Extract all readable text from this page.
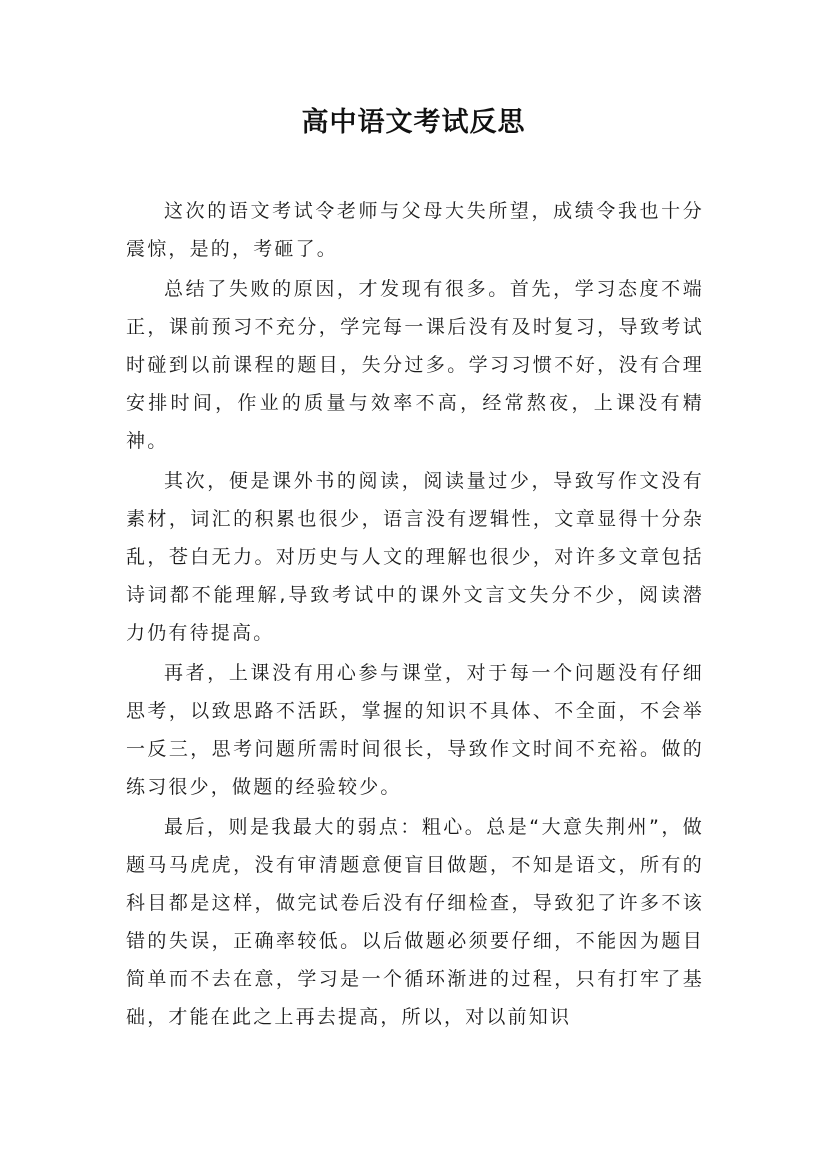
高中语文考试反思

这次的语文考试令老师与父母大失所望，成绩令我也十分震惊，是的，考砸了。

总结了失败的原因，才发现有很多。首先，学习态度不端正，课前预习不充分，学完每一课后没有及时复习，导致考试时碰到以前课程的题目，失分过多。学习习惯不好，没有合理安排时间，作业的质量与效率不高，经常熬夜，上课没有精神。

其次，便是课外书的阅读，阅读量过少，导致写作文没有素材，词汇的积累也很少，语言没有逻辑性，文章显得十分杂乱，苍白无力。对历史与人文的理解也很少，对许多文章包括诗词都不能理解,导致考试中的课外文言文失分不少，阅读潜力仍有待提高。

再者，上课没有用心参与课堂，对于每一个问题没有仔细思考，以致思路不活跃，掌握的知识不具体、不全面，不会举一反三，思考问题所需时间很长，导致作文时间不充裕。做的练习很少，做题的经验较少。

最后，则是我最大的弱点：粗心。总是“大意失荆州”，做题马马虎虎，没有审清题意便盲目做题，不知是语文，所有的科目都是这样，做完试卷后没有仔细检查，导致犯了许多不该错的失误，正确率较低。以后做题必须要仔细，不能因为题目简单而不去在意，学习是一个循环渐进的过程，只有打牢了基础，才能在此之上再去提高，所以，对以前知识
